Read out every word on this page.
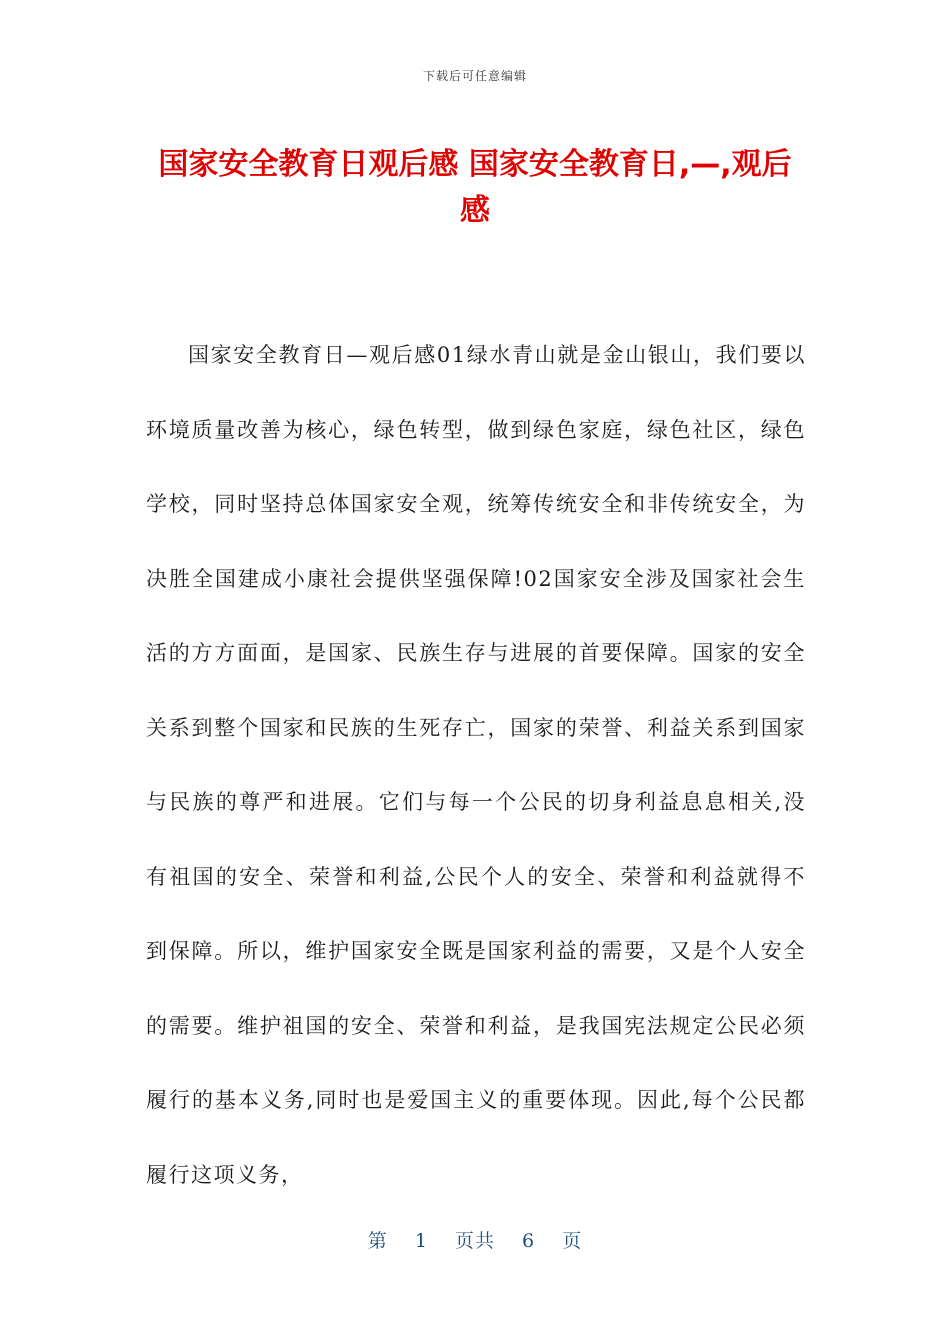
下载后可任意编辑
国家安全教育日观后感 国家安全教育日,—,观后感

国家安全教育日—观后感01绿水青山就是金山银山，我们要以环境质量改善为核心，绿色转型，做到绿色家庭，绿色社区，绿色学校，同时坚持总体国家安全观，统筹传统安全和非传统安全，为决胜全国建成小康社会提供坚强保障!02国家安全涉及国家社会生活的方方面面，是国家、民族生存与进展的首要保障。国家的安全关系到整个国家和民族的生死存亡，国家的荣誉、利益关系到国家与民族的尊严和进展。它们与每一个公民的切身利益息息相关,没有祖国的安全、荣誉和利益,公民个人的安全、荣誉和利益就得不到保障。所以，维护国家安全既是国家利益的需要，又是个人安全的需要。维护祖国的安全、荣誉和利益，是我国宪法规定公民必须履行的基本义务,同时也是爱国主义的重要体现。因此,每个公民都履行这项义务，

第 1 页共 6 页
